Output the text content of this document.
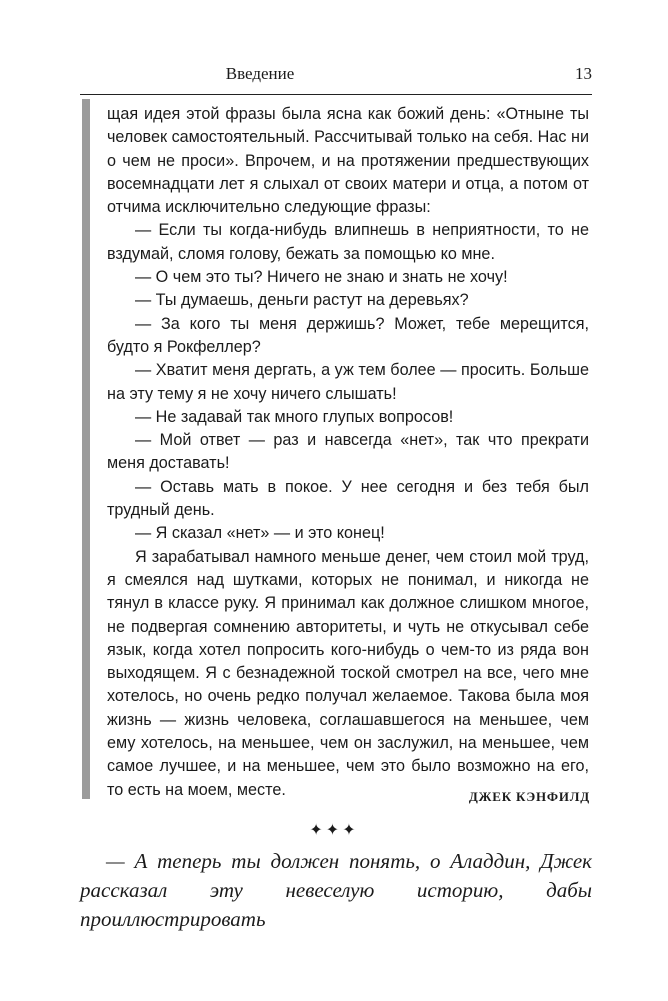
Введение	13

щая идея этой фразы была ясна как божий день: «Отныне ты человек самостоятельный. Рассчитывай только на себя. Нас ни о чем не проси». Впрочем, и на протяжении предшествующих восемнадцати лет я слыхал от своих матери и отца, а потом от отчима исключительно следующие фразы:

— Если ты когда-нибудь влипнешь в неприятности, то не вздумай, сломя голову, бежать за помощью ко мне.

— О чем это ты? Ничего не знаю и знать не хочу!

— Ты думаешь, деньги растут на деревьях?

— За кого ты меня держишь? Может, тебе мерещится, будто я Рокфеллер?

— Хватит меня дергать, а уж тем более — просить. Больше на эту тему я не хочу ничего слышать!

— Не задавай так много глупых вопросов!

— Мой ответ — раз и навсегда «нет», так что прекрати меня доставать!

— Оставь мать в покое. У нее сегодня и без тебя был трудный день.

— Я сказал «нет» — и это конец!

Я зарабатывал намного меньше денег, чем стоил мой труд, я смеялся над шутками, которых не понимал, и никогда не тянул в классе руку. Я принимал как должное слишком многое, не подвергая сомнению авторитеты, и чуть не откусывал себе язык, когда хотел попросить кого-нибудь о чем-то из ряда вон выходящем. Я с безнадежной тоской смотрел на все, чего мне хотелось, но очень редко получал желаемое. Такова была моя жизнь — жизнь человека, соглашавшегося на меньшее, чем ему хотелось, на меньшее, чем он заслужил, на меньшее, чем самое лучшее, и на меньшее, чем это было возможно на его, то есть на моем, месте.	ДЖЕК КЭНФИЛД
✦✦✦

— А теперь ты должен понять, о Аладдин, Джек рассказал эту невеселую историю, дабы проиллюстрировать
